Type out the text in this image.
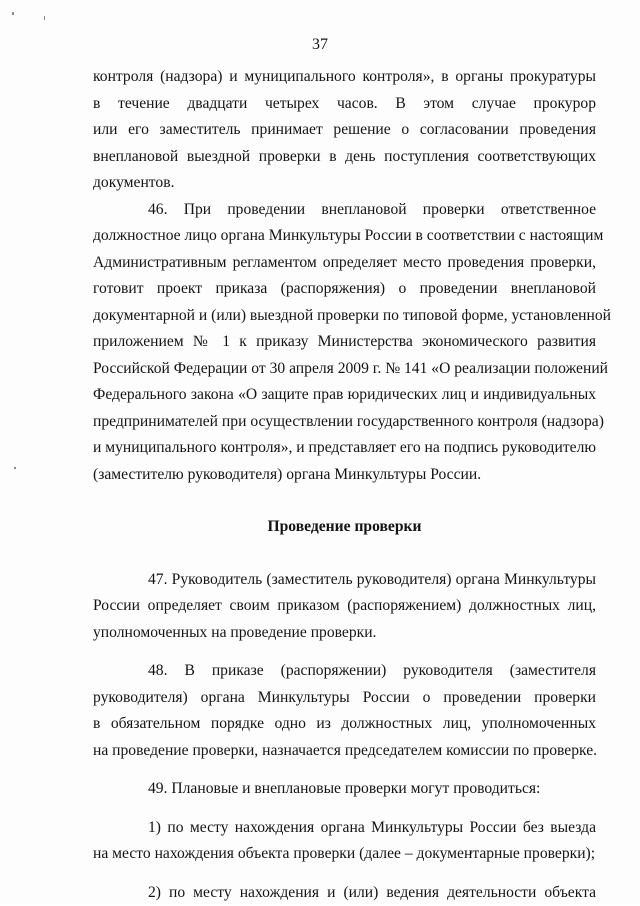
37
контроля (надзора) и муниципального контроля», в органы прокуратуры
в течение двадцати четырех часов. В этом случае прокурор
или его заместитель принимает решение о согласовании проведения
внеплановой выездной проверки в день поступления соответствующих
документов.
46. При проведении внеплановой проверки ответственное
должностное лицо органа Минкультуры России в соответствии с настоящим
Административным регламентом определяет место проведения проверки,
готовит проект приказа (распоряжения) о проведении внеплановой
документарной и (или) выездной проверки по типовой форме, установленной
приложением № 1 к приказу Министерства экономического развития
Российской Федерации от 30 апреля 2009 г. № 141 «О реализации положений
Федерального закона «О защите прав юридических лиц и индивидуальных
предпринимателей при осуществлении государственного контроля (надзора)
и муниципального контроля», и представляет его на подпись руководителю
(заместителю руководителя) органа Минкультуры России.
Проведение проверки
47. Руководитель (заместитель руководителя) органа Минкультуры
России определяет своим приказом (распоряжением) должностных лиц,
уполномоченных на проведение проверки.
48. В приказе (распоряжении) руководителя (заместителя
руководителя) органа Минкультуры России о проведении проверки
в обязательном порядке одно из должностных лиц, уполномоченных
на проведение проверки, назначается председателем комиссии по проверке.
49. Плановые и внеплановые проверки могут проводиться:
1) по месту нахождения органа Минкультуры России без выезда
на место нахождения объекта проверки (далее – документарные проверки);
2) по месту нахождения и (или) ведения деятельности объекта
